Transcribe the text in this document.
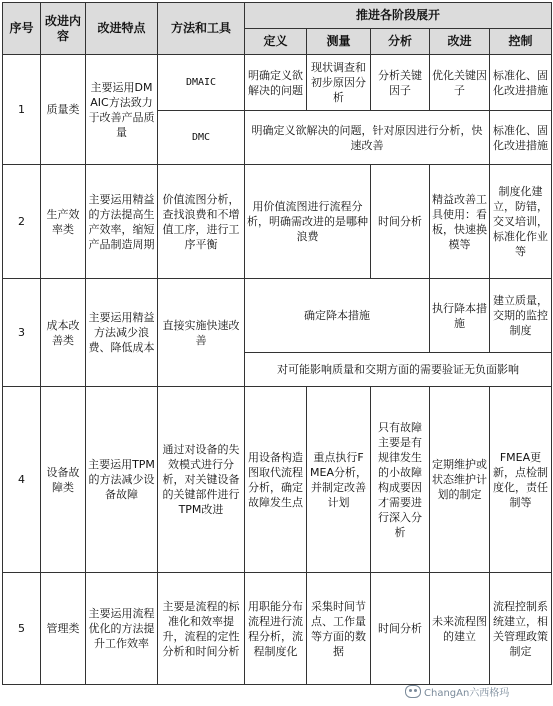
序号	改进内容	改进特点	方法和工具	推进各阶段展开				
				定义	测量	分析	改进	控制
1	质量类	主要运用DMAIC方法致力于改善产品质量	DMAIC	明确定义欲解决的问题	现状调查和初步原因分析	分析关键因子	优化关键因子	标准化、固化改进措施
			DMC	明确定义欲解决的问题，针对原因进行分析，快速改善				标准化、固化改进措施
2	生产效率类	主要运用精益的方法提高生产效率，缩短产品制造周期	价值流图分析，查找浪费和不增值工序，进行工序平衡	用价值流图进行流程分析，明确需改进的是哪种浪费		时间分析	精益改善工具使用：看板，快速换模等	制度化建立，防错，交叉培训，标准化作业等
3	成本改善类	主要运用精益方法减少浪费、降低成本	直接实施快速改善	确定降本措施			执行降本措施	建立质量，交期的监控制度
				对可能影响质量和交期方面的需要验证无负面影响				
4	设备故障类	主要运用TPM的方法减少设备故障	通过对设备的失效模式进行分析，对关键设备的关键部件进行TPM改进	用设备构造图取代流程分析，确定故障发生点	重点执行FMEA分析，并制定改善计划	只有故障主要是有规律发生的小故障构成要因才需要进行深入分析	定期维护或状态维护计划的制定	FMEA更新，点检制度化，责任制等
5	管理类	主要运用流程优化的方法提升工作效率	主要是流程的标准化和效率提升，流程的定性分析和时间分析	用职能分布流程进行流程分析，流程制度化	采集时间节点、工作量等方面的数据	时间分析	未来流程图的建立	流程控制系统建立，相关管理政策制定
ChangAn六西格玛
